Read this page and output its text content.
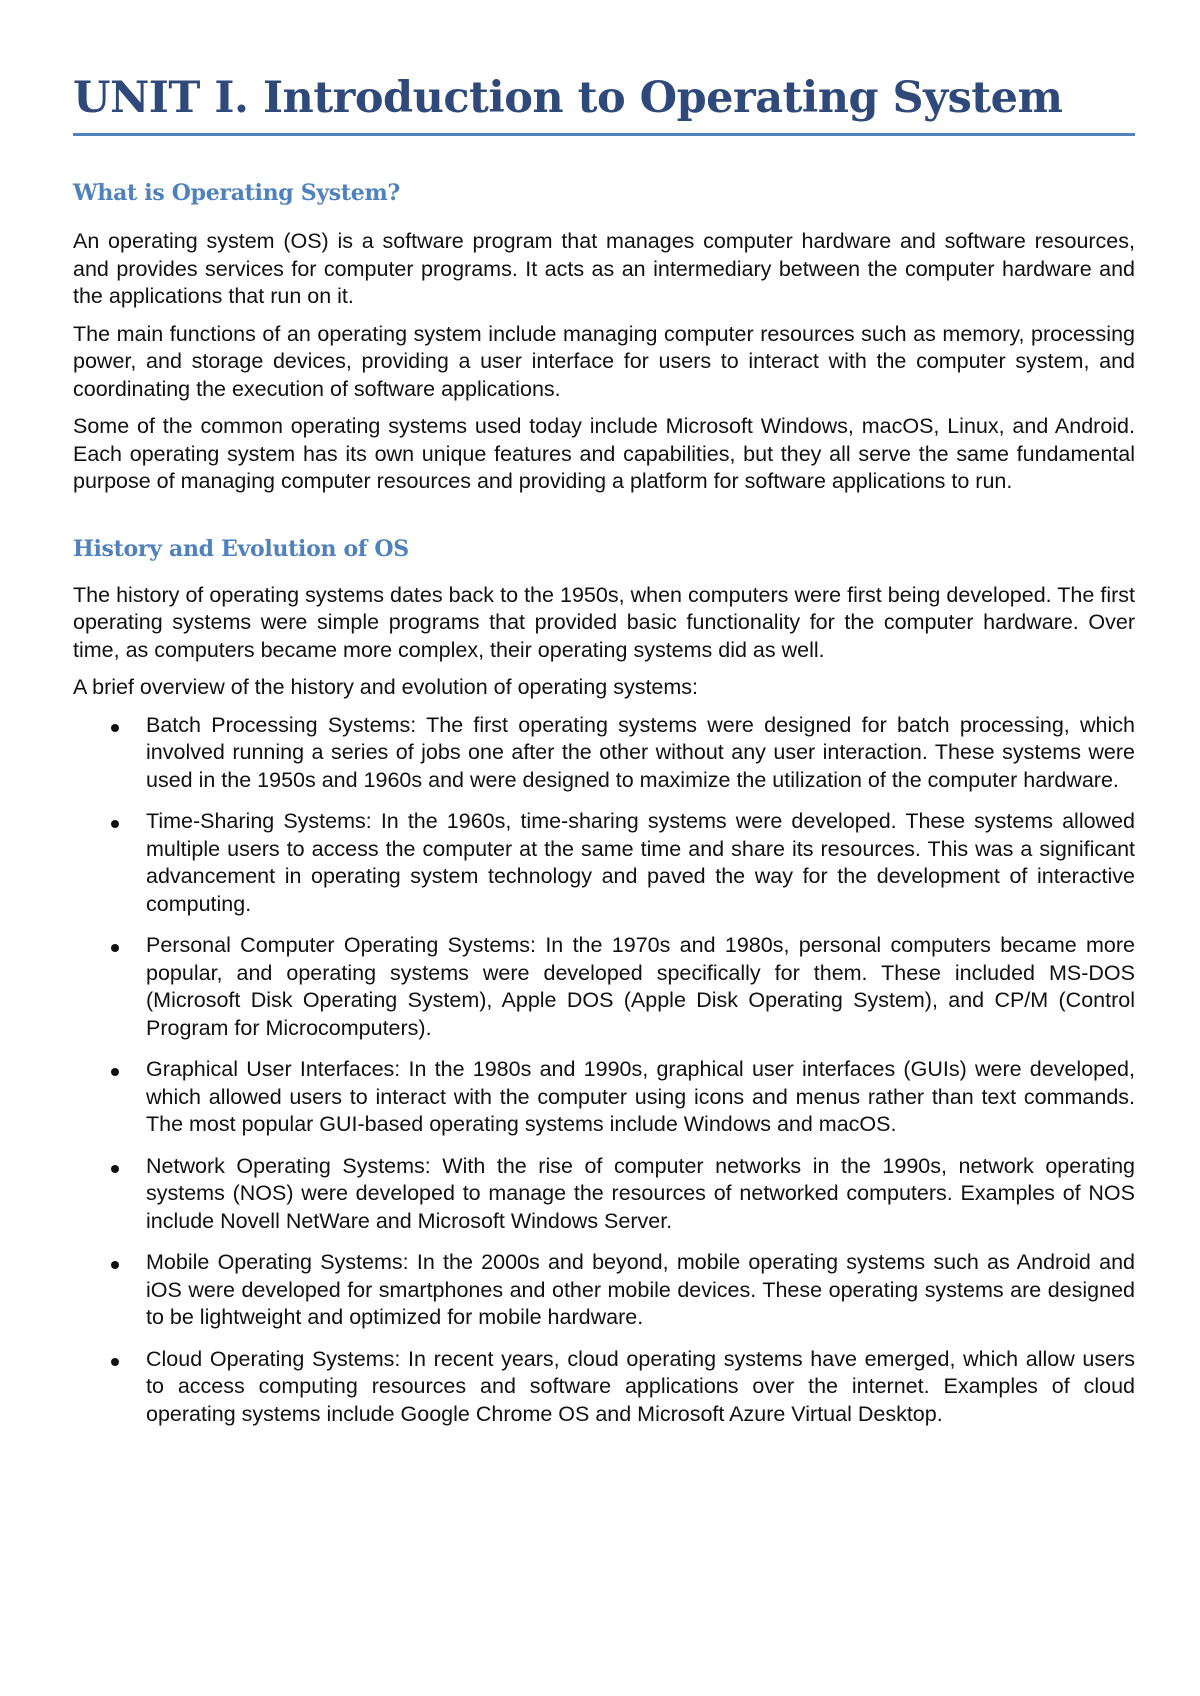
UNIT I. Introduction to Operating System
What is Operating System?

An operating system (OS) is a software program that manages computer hardware and software resources, and provides services for computer programs. It acts as an intermediary between the computer hardware and the applications that run on it.

The main functions of an operating system include managing computer resources such as memory, processing power, and storage devices, providing a user interface for users to interact with the computer system, and coordinating the execution of software applications.

Some of the common operating systems used today include Microsoft Windows, macOS, Linux, and Android. Each operating system has its own unique features and capabilities, but they all serve the same fundamental purpose of managing computer resources and providing a platform for software applications to run.

History and Evolution of OS

The history of operating systems dates back to the 1950s, when computers were first being developed. The first operating systems were simple programs that provided basic functionality for the computer hardware. Over time, as computers became more complex, their operating systems did as well.

A brief overview of the history and evolution of operating systems:

Batch Processing Systems: The first operating systems were designed for batch processing, which involved running a series of jobs one after the other without any user interaction. These systems were used in the 1950s and 1960s and were designed to maximize the utilization of the computer hardware.

Time-Sharing Systems: In the 1960s, time-sharing systems were developed. These systems allowed multiple users to access the computer at the same time and share its resources. This was a significant advancement in operating system technology and paved the way for the development of interactive computing.

Personal Computer Operating Systems: In the 1970s and 1980s, personal computers became more popular, and operating systems were developed specifically for them. These included MS-DOS (Microsoft Disk Operating System), Apple DOS (Apple Disk Operating System), and CP/M (Control Program for Microcomputers).

Graphical User Interfaces: In the 1980s and 1990s, graphical user interfaces (GUIs) were developed, which allowed users to interact with the computer using icons and menus rather than text commands. The most popular GUI-based operating systems include Windows and macOS.

Network Operating Systems: With the rise of computer networks in the 1990s, network operating systems (NOS) were developed to manage the resources of networked computers. Examples of NOS include Novell NetWare and Microsoft Windows Server.

Mobile Operating Systems: In the 2000s and beyond, mobile operating systems such as Android and iOS were developed for smartphones and other mobile devices. These operating systems are designed to be lightweight and optimized for mobile hardware.

Cloud Operating Systems: In recent years, cloud operating systems have emerged, which allow users to access computing resources and software applications over the internet. Examples of cloud operating systems include Google Chrome OS and Microsoft Azure Virtual Desktop.
